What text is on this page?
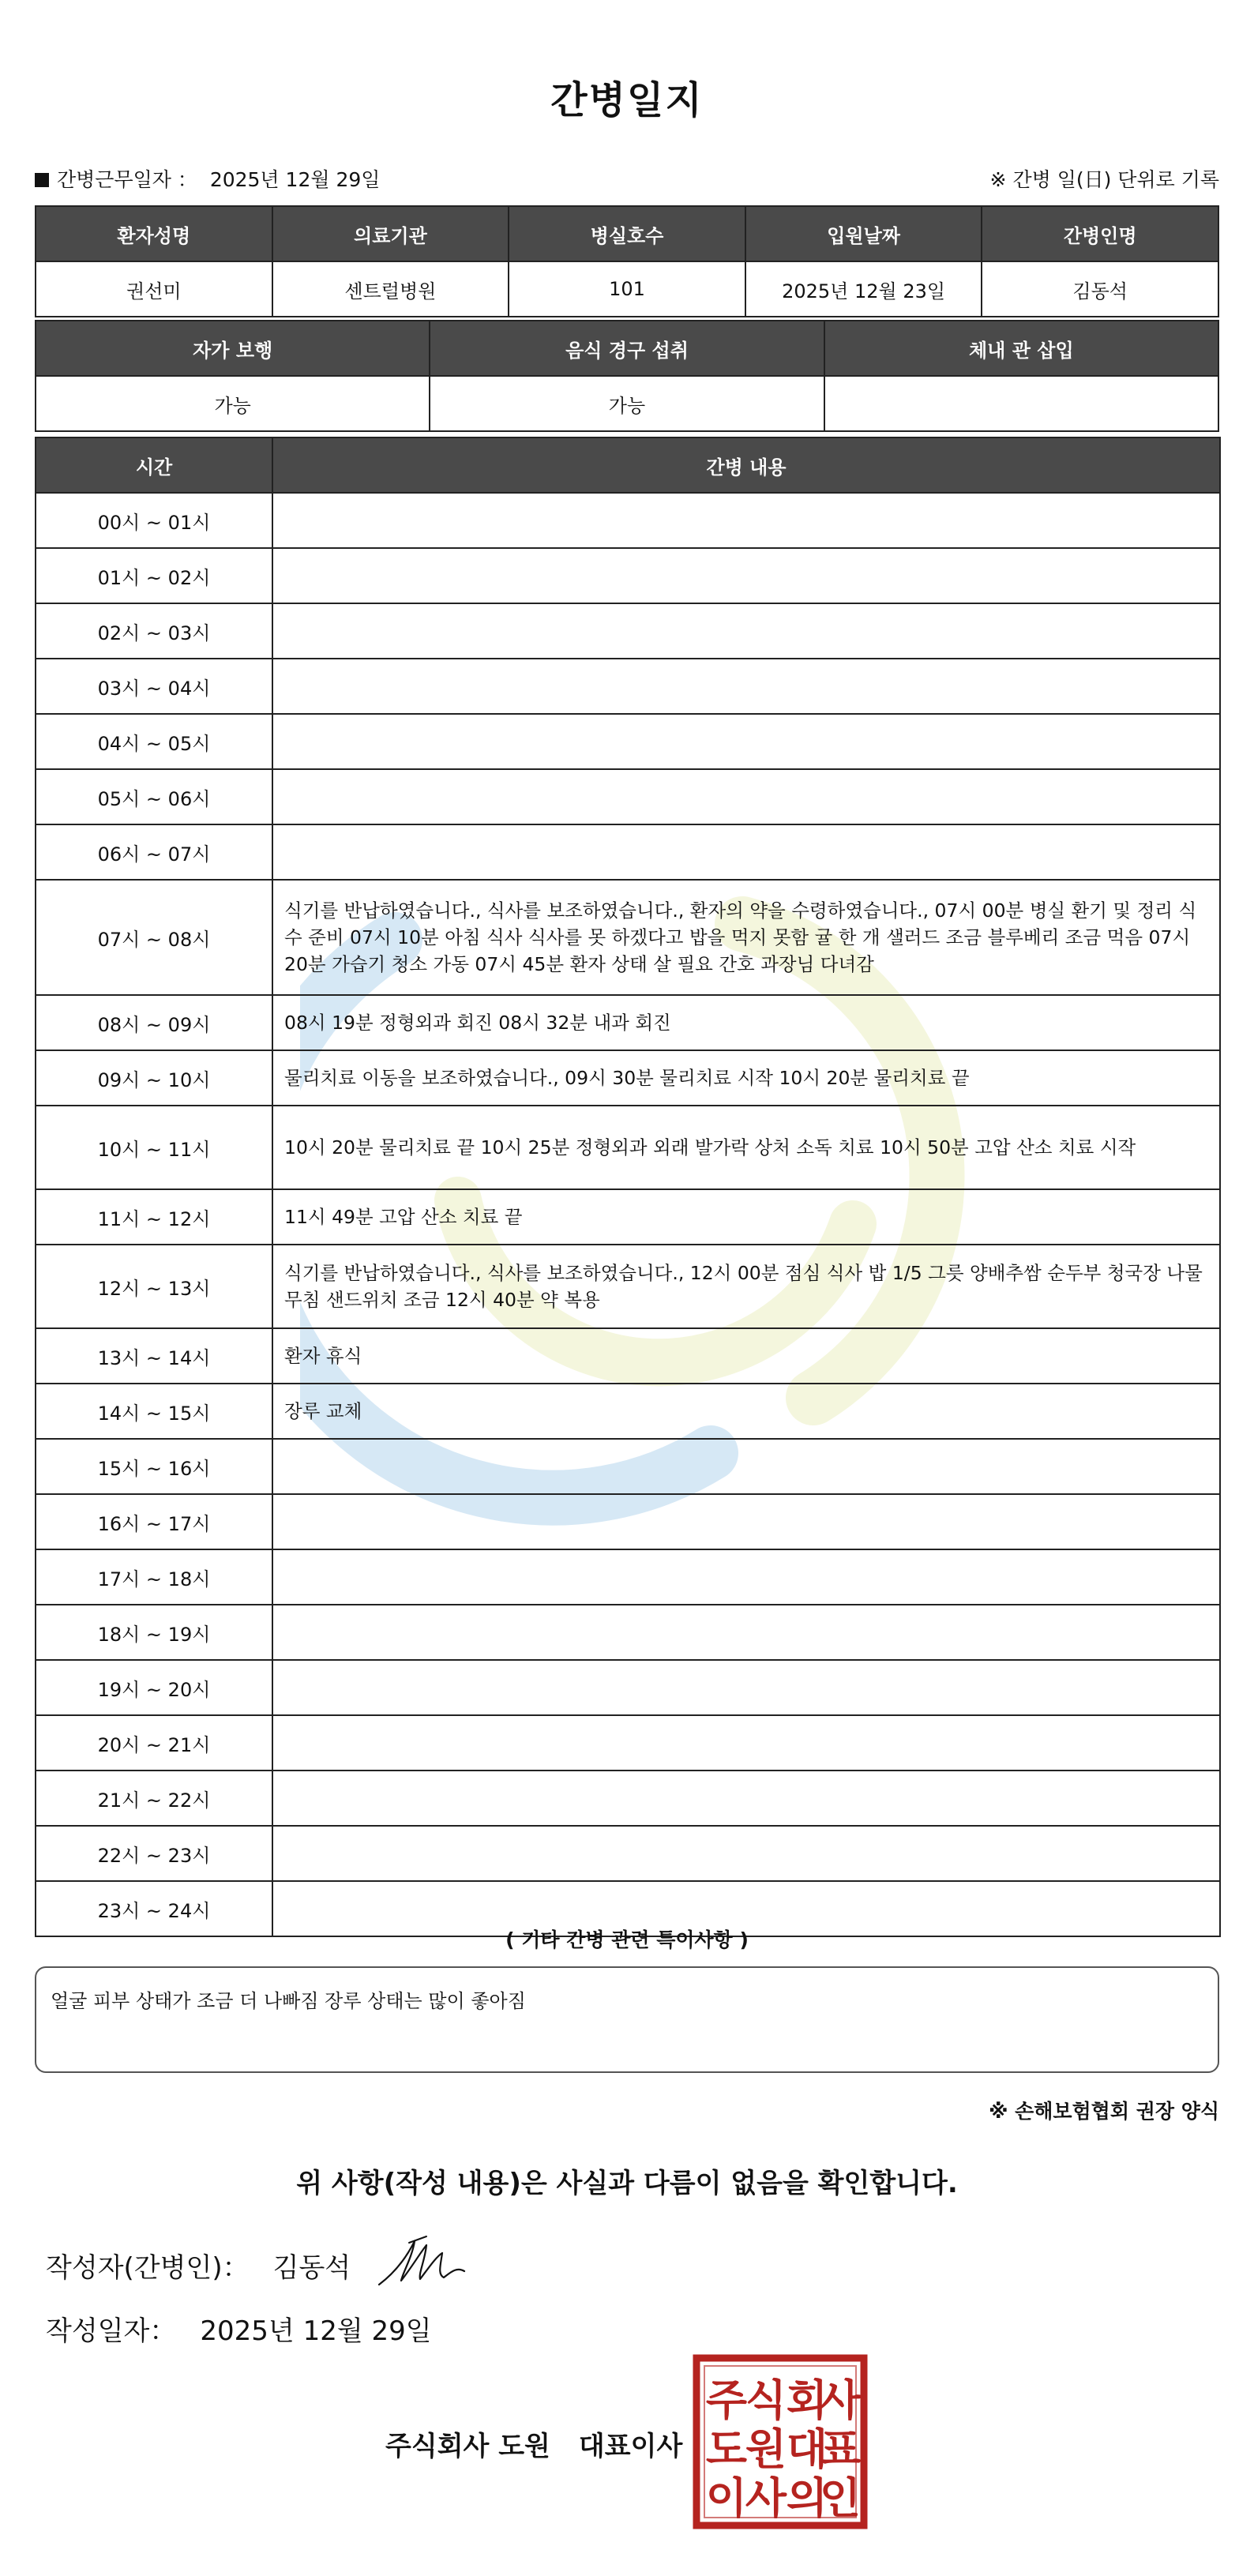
간병일지
간병근무일자 ： 2025년 12월 29일	※ 간병 일(日) 단위로 기록
환자성명	의료기관	병실호수	입원날짜	간병인명
권선미	센트럴병원	101	2025년 12월 23일	김동석
자가 보행	음식 경구 섭취	체내 관 삽입
가능	가능	
시간	간병 내용
00시 ~ 01시	
01시 ~ 02시	
02시 ~ 03시	
03시 ~ 04시	
04시 ~ 05시	
05시 ~ 06시	
06시 ~ 07시	
07시 ~ 08시	식기를 반납하였습니다., 식사를 보조하였습니다., 환자의 약을 수령하였습니다., 07시 00분 병실 환기 및 정리 식수 준비 07시 10분 아침 식사 식사를 못 하겠다고 밥을 먹지 못함 귤 한 개 샐러드 조금 블루베리 조금 먹음 07시 20분 가습기 청소 가동 07시 45분 환자 상태 살 필요 간호 과장님 다녀감
08시 ~ 09시	08시 19분 정형외과 회진 08시 32분 내과 회진
09시 ~ 10시	물리치료 이동을 보조하였습니다., 09시 30분 물리치료 시작 10시 20분 물리치료 끝
10시 ~ 11시	10시 20분 물리치료 끝 10시 25분 정형외과 외래 발가락 상처 소독 치료 10시 50분 고압 산소 치료 시작
11시 ~ 12시	11시 49분 고압 산소 치료 끝
12시 ~ 13시	식기를 반납하였습니다., 식사를 보조하였습니다., 12시 00분 점심 식사 밥 1/5 그릇 양배추쌈 순두부 청국장 나물 무침 샌드위치 조금 12시 40분 약 복용
13시 ~ 14시	환자 휴식
14시 ~ 15시	장루 교체
15시 ~ 16시	
16시 ~ 17시	
17시 ~ 18시	
18시 ~ 19시	
19시 ~ 20시	
20시 ~ 21시	
21시 ~ 22시	
22시 ~ 23시	
23시 ~ 24시	
( 기타 간병 관련 특이사항 )
얼굴 피부 상태가 조금 더 나빠짐 장루 상태는 많이 좋아짐
※ 손해보험협회 권장 양식
위 사항(작성 내용)은 사실과 다름이 없음을 확인합니다.
작성자(간병인)： 김동석
작성일자： 2025년 12월 29일
주식회사 도원 대표이사
주
식 회
사
도
원 대
표
이
사 의
인
